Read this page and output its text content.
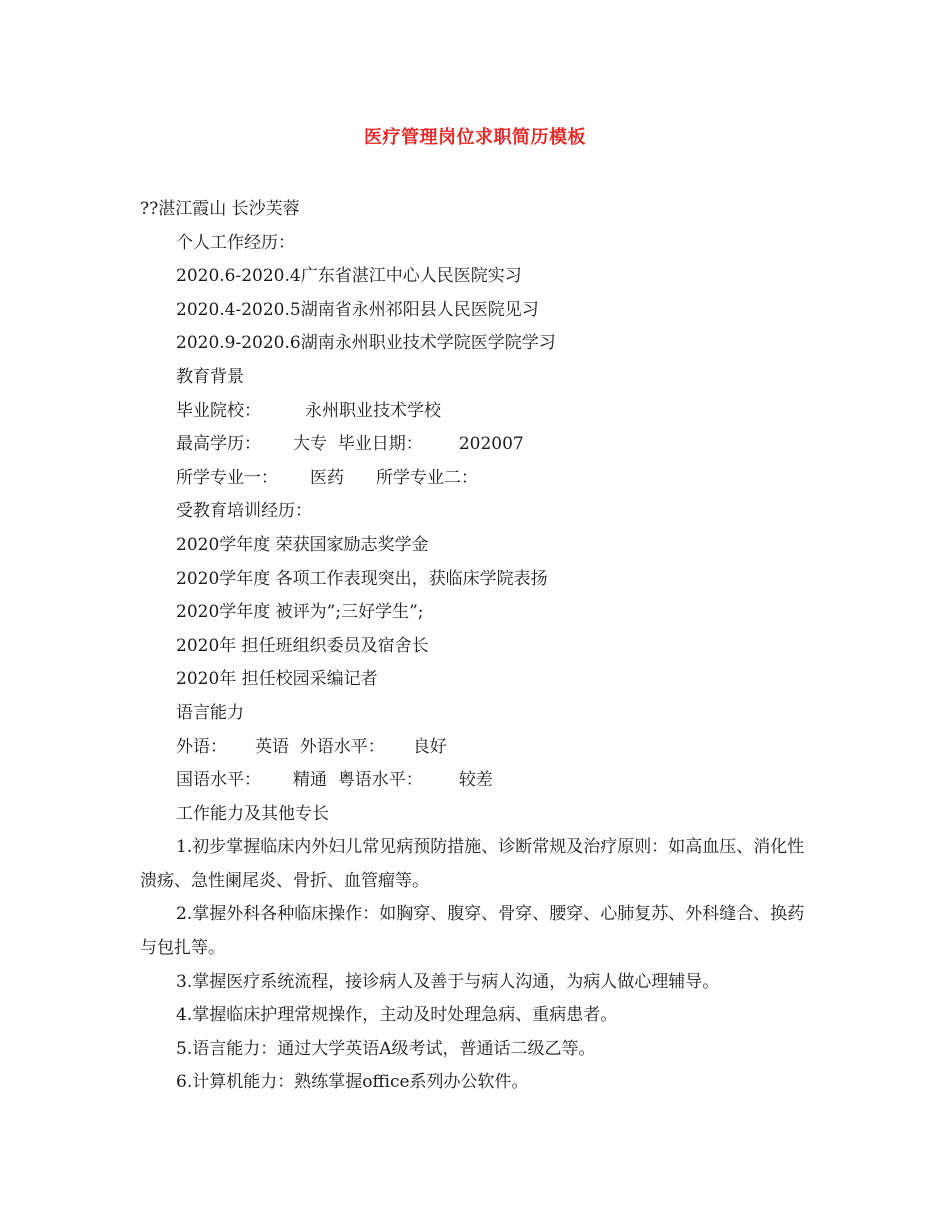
医疗管理岗位求职简历模板
??湛江霞山 长沙芙蓉
个人工作经历：
2020.6-2020.4广东省湛江中心人民医院实习
2020.4-2020.5湖南省永州祁阳县人民医院见习
2020.9-2020.6湖南永州职业技术学院医学院学习
教育背景
毕业院校：	永州职业技术学校
最高学历： 大专 毕业日期： 202007
所学专业一： 医药 所学专业二：
受教育培训经历：
2020学年度 荣获国家励志奖学金
2020学年度 各项工作表现突出，获临床学院表扬
2020学年度 被评为”;三好学生”;
2020年 担任班组织委员及宿舍长
2020年 担任校园采编记者
语言能力
外语： 英语 外语水平： 良好
国语水平： 精通 粤语水平： 较差
工作能力及其他专长
1.初步掌握临床内外妇儿常见病预防措施、诊断常规及治疗原则：如高血压、消化性溃疡、急性阑尾炎、骨折、血管瘤等。
2.掌握外科各种临床操作：如胸穿、腹穿、骨穿、腰穿、心肺复苏、外科缝合、换药与包扎等。
3.掌握医疗系统流程，接诊病人及善于与病人沟通，为病人做心理辅导。
4.掌握临床护理常规操作，主动及时处理急病、重病患者。
5.语言能力：通过大学英语A级考试，普通话二级乙等。
6.计算机能力：熟练掌握office系列办公软件。
